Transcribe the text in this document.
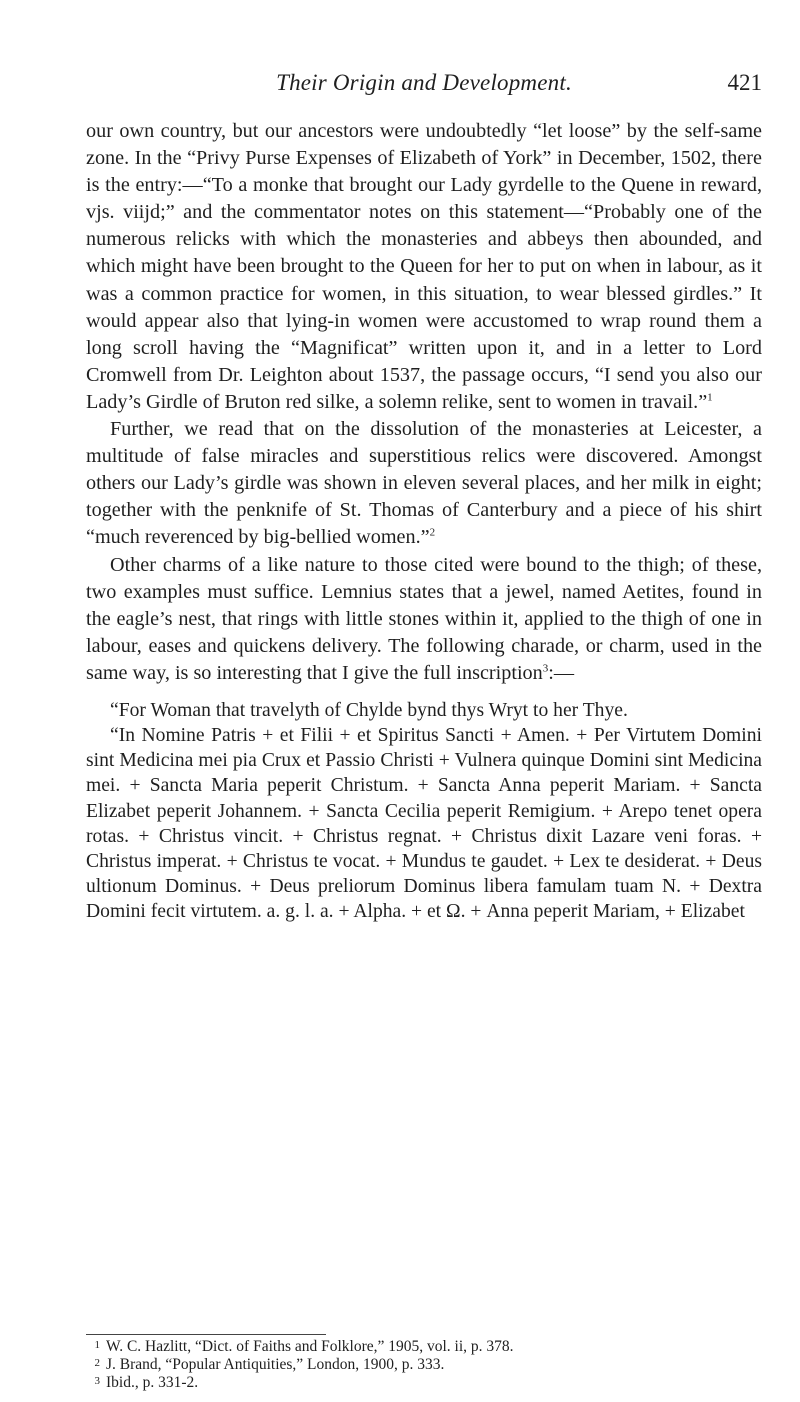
Their Origin and Development.	421

our own country, but our ancestors were undoubtedly “let loose” by the self-same zone. In the “Privy Purse Expenses of Elizabeth of York” in December, 1502, there is the entry:—“To a monke that brought our Lady gyrdelle to the Quene in reward, vjs. viijd;” and the commentator notes on this statement—“Probably one of the numerous relicks with which the monasteries and abbeys then abounded, and which might have been brought to the Queen for her to put on when in labour, as it was a common practice for women, in this situation, to wear blessed girdles.” It would appear also that lying-in women were accustomed to wrap round them a long scroll having the “Magnificat” written upon it, and in a letter to Lord Cromwell from Dr. Leighton about 1537, the passage occurs, “I send you also our Lady’s Girdle of Bruton red silke, a solemn relike, sent to women in travail.”$^1$

Further, we read that on the dissolution of the monasteries at Leicester, a multitude of false miracles and superstitious relics were discovered. Amongst others our Lady’s girdle was shown in eleven several places, and her milk in eight; together with the penknife of St. Thomas of Canterbury and a piece of his shirt “much reverenced by big-bellied women.”$^2$

Other charms of a like nature to those cited were bound to the thigh; of these, two examples must suffice. Lemnius states that a jewel, named Aetites, found in the eagle’s nest, that rings with little stones within it, applied to the thigh of one in labour, eases and quickens delivery. The following charade, or charm, used in the same way, is so interesting that I give the full inscription$^3$:—

“For Woman that travelyth of Chylde bynd thys Wryt to her Thye.

“In Nomine Patris + et Filii + et Spiritus Sancti + Amen. + Per Virtutem Domini sint Medicina mei pia Crux et Passio Christi + Vulnera quinque Domini sint Medicina mei. + Sancta Maria peperit Christum. + Sancta Anna peperit Mariam. + Sancta Elizabet peperit Johannem. + Sancta Cecilia peperit Remigium. + Arepo tenet opera rotas. + Christus vincit. + Christus regnat. + Christus dixit Lazare veni foras. + Christus imperat. + Christus te vocat. + Mundus te gaudet. + Lex te desiderat. + Deus ultionum Dominus. + Deus preliorum Dominus libera famulam tuam N. + Dextra Domini fecit virtutem. a. g. l. a. + Alpha. + et Ω. + Anna peperit Mariam, + Elizabet

1 W. C. Hazlitt, “Dict. of Faiths and Folklore,” 1905, vol. ii, p. 378.
2 J. Brand, “Popular Antiquities,” London, 1900, p. 333.
3 Ibid., p. 331-2.
